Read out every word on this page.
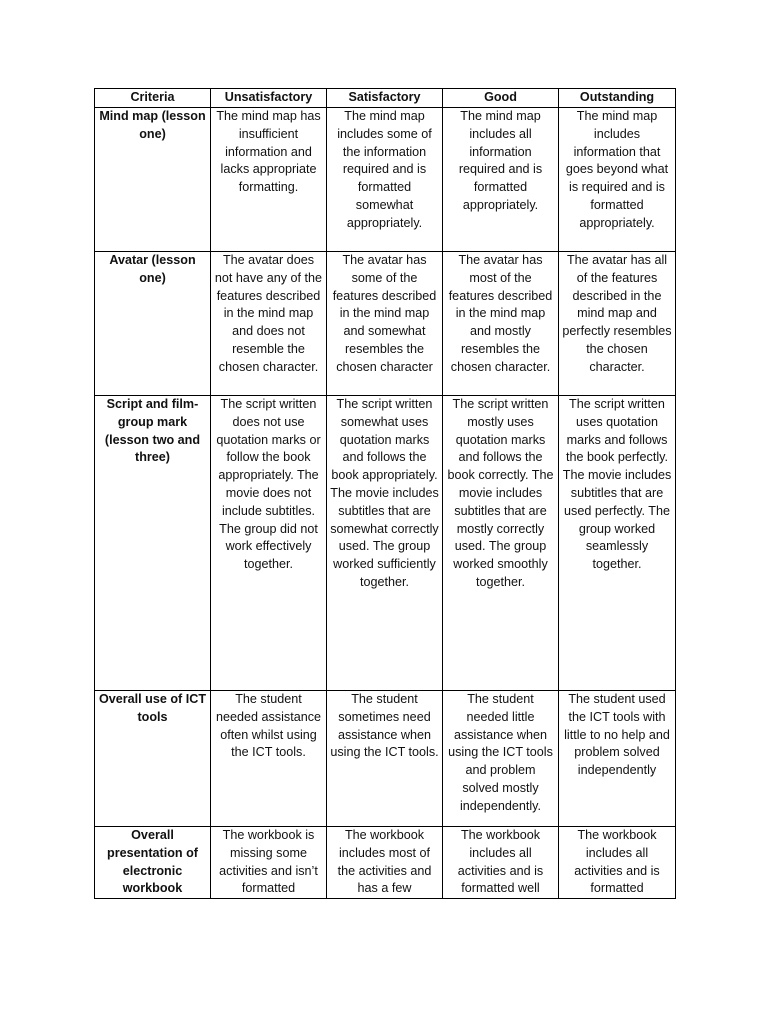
Criteria	Unsatisfactory	Satisfactory	Good	Outstanding

Mind map (lesson one)	The mind map has insufficient information and lacks appropriate formatting.	The mind map includes some of the information required and is formatted somewhat appropriately.	The mind map includes all information required and is formatted appropriately.	The mind map includes information that goes beyond what is required and is formatted appropriately.

Avatar (lesson one)	The avatar does not have any of the features described in the mind map and does not resemble the chosen character.	The avatar has some of the features described in the mind map and somewhat resembles the chosen character	The avatar has most of the features described in the mind map and mostly resembles the chosen character.	The avatar has all of the features described in the mind map and perfectly resembles the chosen character.

Script and film-group mark (lesson two and three)	The script written does not use quotation marks or follow the book appropriately. The movie does not include subtitles. The group did not work effectively together.	The script written somewhat uses quotation marks and follows the book appropriately. The movie includes subtitles that are somewhat correctly used. The group worked sufficiently together.	The script written mostly uses quotation marks and follows the book correctly. The movie includes subtitles that are mostly correctly used. The group worked smoothly together.	The script written uses quotation marks and follows the book perfectly. The movie includes subtitles that are used perfectly. The group worked seamlessly together.

Overall use of ICT tools	The student needed assistance often whilst using the ICT tools.	The student sometimes need assistance when using the ICT tools.	The student needed little assistance when using the ICT tools and problem solved mostly independently.	The student used the ICT tools with little to no help and problem solved independently

Overall presentation of electronic workbook	The workbook is missing some activities and isn’t formatted	The workbook includes most of the activities and has a few	The workbook includes all activities and is formatted well	The workbook includes all activities and is formatted
